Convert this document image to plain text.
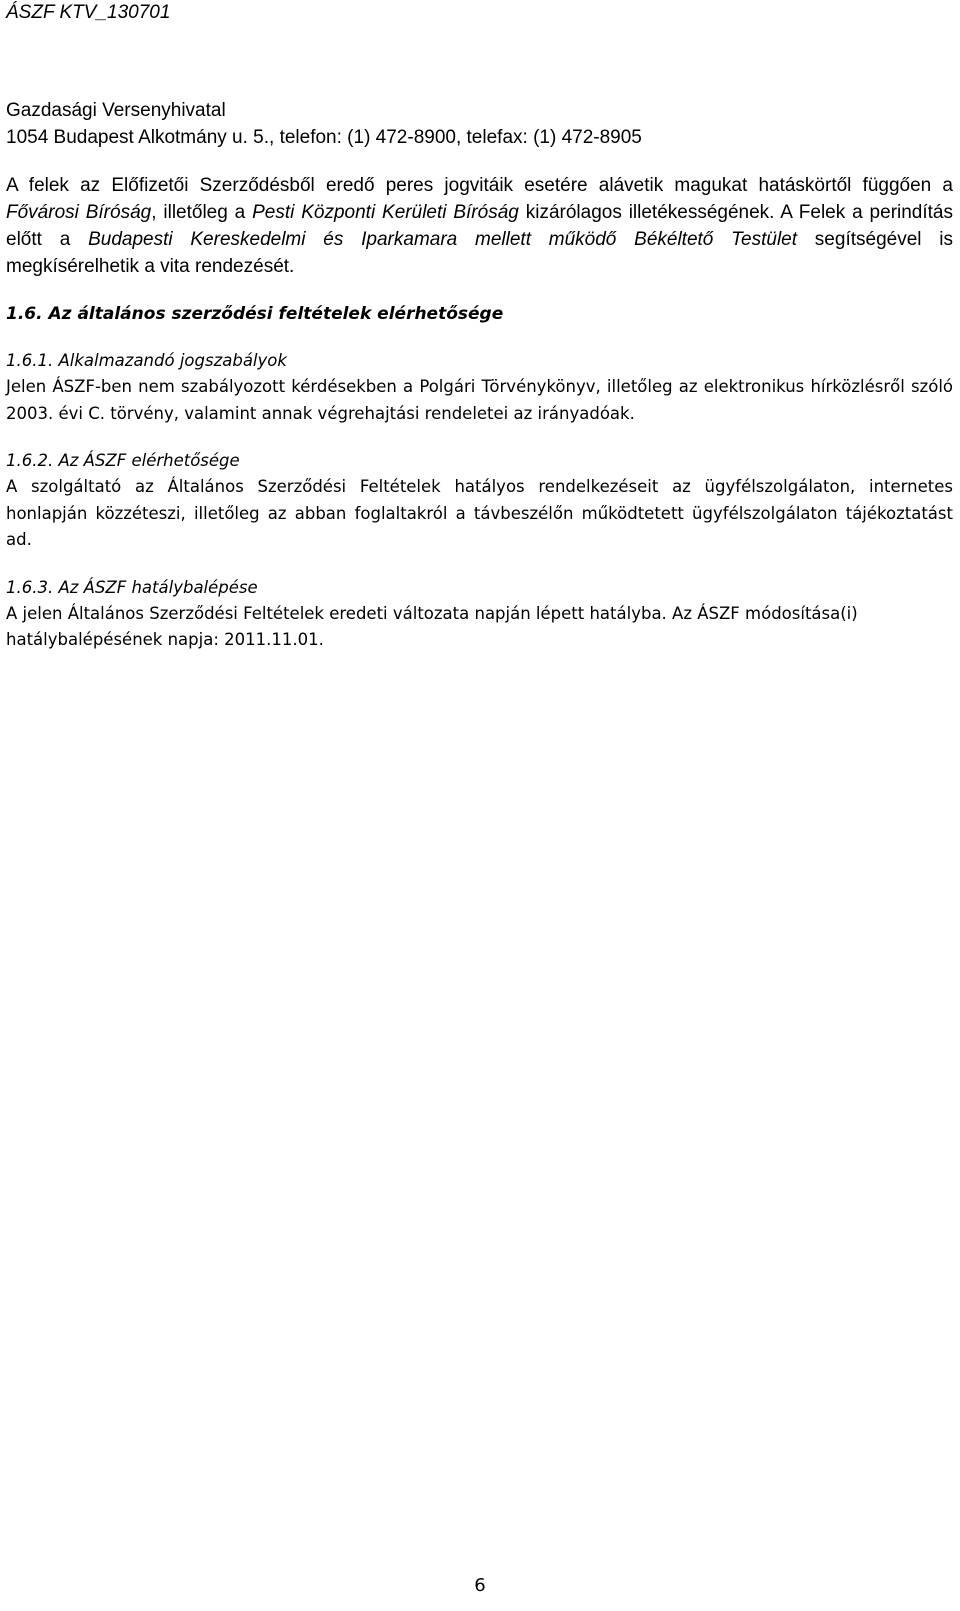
ÁSZF KTV_130701
Gazdasági Versenyhivatal
1054 Budapest Alkotmány u. 5., telefon: (1) 472-8900, telefax: (1) 472-8905

A felek az Előfizetői Szerződésből eredő peres jogvitáik esetére alávetik magukat hatáskörtől függően a Fővárosi Bíróság, illetőleg a Pesti Központi Kerületi Bíróság kizárólagos illetékességének. A Felek a perindítás előtt a Budapesti Kereskedelmi és Iparkamara mellett működő Békéltető Testület segítségével is megkísérelhetik a vita rendezését.

1.6. Az általános szerződési feltételek elérhetősége
1.6.1. Alkalmazandó jogszabályok

Jelen ÁSZF-ben nem szabályozott kérdésekben a Polgári Törvénykönyv, illetőleg az elektronikus hírközlésről szóló 2003. évi C. törvény, valamint annak végrehajtási rendeletei az irányadóak.

1.6.2. Az ÁSZF elérhetősége

A szolgáltató az Általános Szerződési Feltételek hatályos rendelkezéseit az ügyfélszolgálaton, internetes honlapján közzéteszi, illetőleg az abban foglaltakról a távbeszélőn működtetett ügyfélszolgálaton tájékoztatást ad.

1.6.3. Az ÁSZF hatálybalépése

A jelen Általános Szerződési Feltételek eredeti változata napján lépett hatályba. Az ÁSZF módosítása(i) hatálybalépésének napja: 2011.11.01.

6
